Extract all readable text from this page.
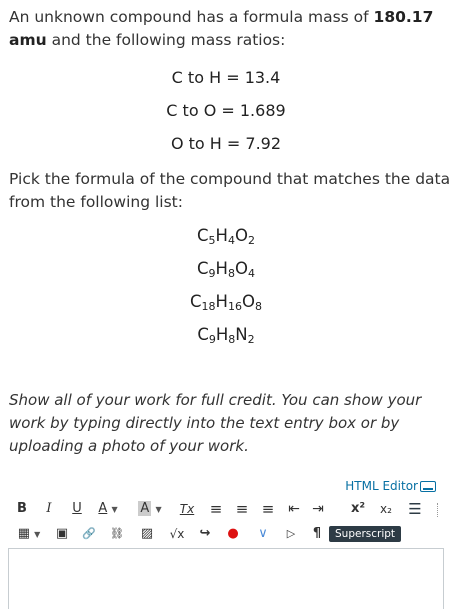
An unknown compound has a formula mass of 180.17 amu and the following mass ratios:
C to H = 13.4
C to O = 1.689
O to H = 7.92
Pick the formula of the compound that matches the data from the following list:
$C_5H_4O_2$
$C_9H_8O_4$
$C_{18}H_{16}O_8$
$C_9H_8N_2$
Show all of your work for full credit. You can show your work by typing directly into the text entry box or by uploading a photo of your work.
HTML Editor
B	I	U A ▼	A ▼ Tx ≡ ≡ ≡ ⇤ ⇥ x²	x₂ ☰
▦ ▼ ▣ 🔗 ⛓ ▨	√x ↪ ●	∨	▷	¶	Superscript
